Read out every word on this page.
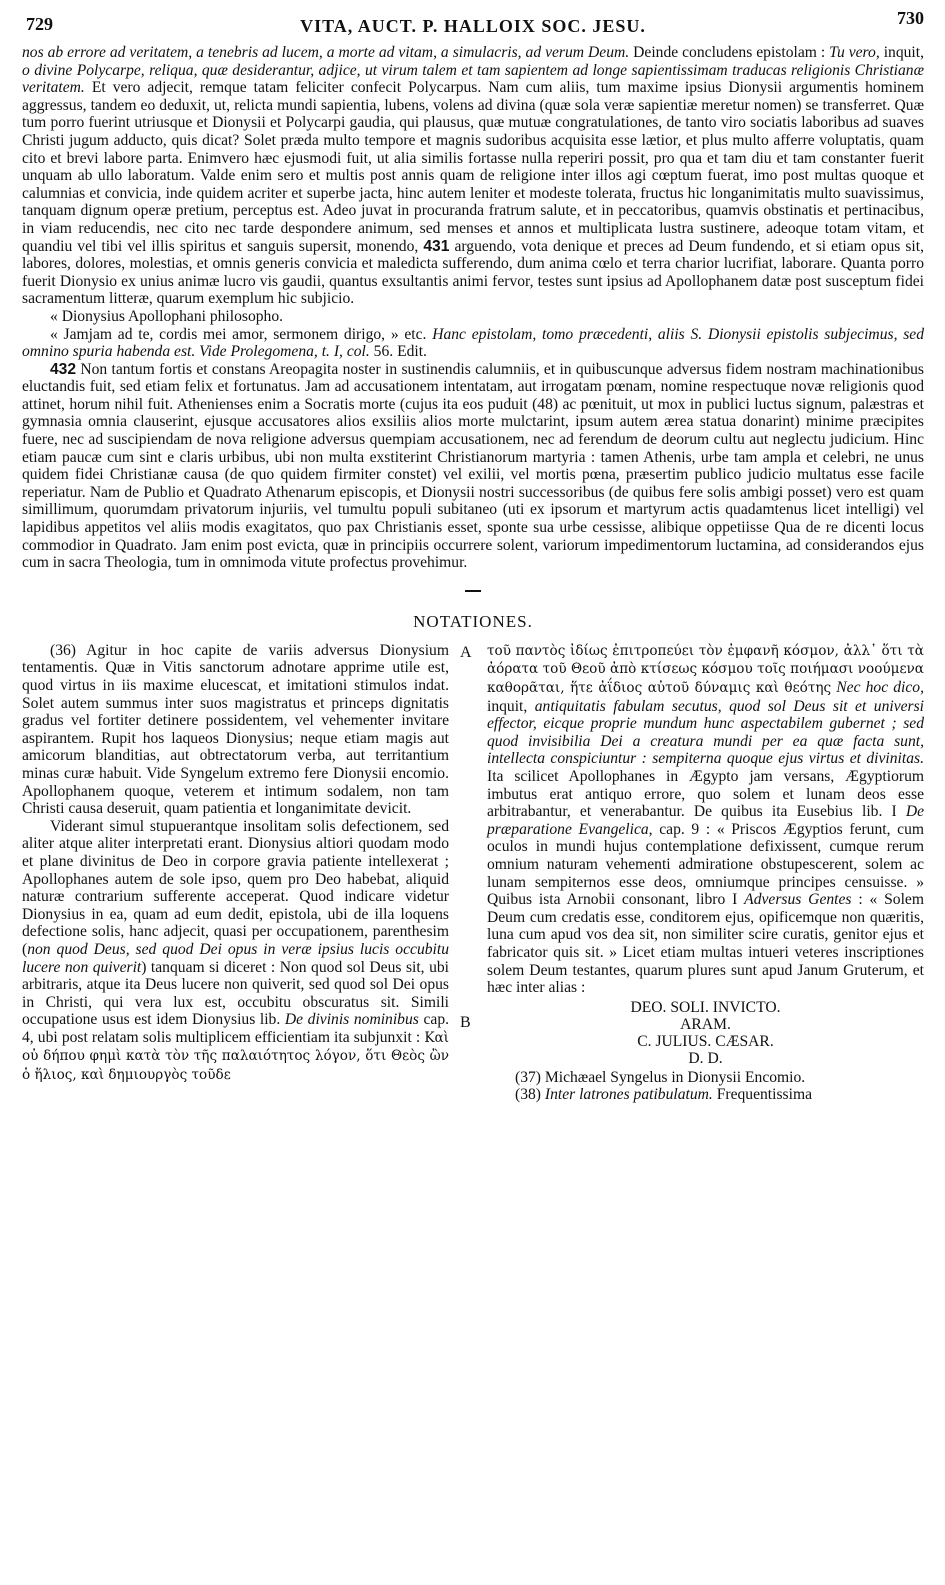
729	VITA, AUCT. P. HALLOIX SOC. JESU.	730

nos ab errore ad veritatem, a tenebris ad lucem, a morte ad vitam, a simulacris, ad verum Deum. Deinde concludens epistolam : Tu vero, inquit, o divine Polycarpe, reliqua, quæ desiderantur, adjice, ut virum talem et tam sapientem ad longe sapientissimam traducas religionis Christianæ veritatem. Et vero adjecit, remque tatam feliciter confecit Polycarpus. Nam cum aliis, tum maxime ipsius Dionysii argumentis hominem aggressus, tandem eo deduxit, ut, relicta mundi sapientia, lubens, volens ad divina (quæ sola veræ sapientiæ meretur nomen) se transferret. Quæ tum porro fuerint utriusque et Dionysii et Polycarpi gaudia, qui plausus, quæ mutuæ congratulationes, de tanto viro sociatis laboribus ad suaves Christi jugum adducto, quis dicat? Solet præda multo tempore et magnis sudoribus acquisita esse lætior, et plus multo afferre voluptatis, quam cito et brevi labore parta. Enimvero hæc ejusmodi fuit, ut alia similis fortasse nulla reperiri possit, pro qua et tam diu et tam constanter fuerit unquam ab ullo laboratum. Valde enim sero et multis post annis quam de religione inter illos agi cœptum fuerat, imo post multas quoque et calumnias et convicia, inde quidem acriter et superbe jacta, hinc autem leniter et modeste tolerata, fructus hic longanimitatis multo suavissimus, tanquam dignum operæ pretium, perceptus est. Adeo juvat in procuranda fratrum salute, et in peccatoribus, quamvis obstinatis et pertinacibus, in viam reducendis, nec cito nec tarde despondere animum, sed menses et annos et multiplicata lustra sustinere, adeoque totam vitam, et quandiu vel tibi vel illis spiritus et sanguis supersit, monendo, 431 arguendo, vota denique et preces ad Deum fundendo, et si etiam opus sit, labores, dolores, molestias, et omnis generis convicia et maledicta sufferendo, dum anima cœlo et terra charior lucrifiat, laborare. Quanta porro fuerit Dionysio ex unius animæ lucro vis gaudii, quantus exsultantis animi fervor, testes sunt ipsius ad Apollophanem datæ post susceptum fidei sacramentum litteræ, quarum exemplum hic subjicio.

« Dionysius Apollophani philosopho.

« Jamjam ad te, cordis mei amor, sermonem dirigo, » etc. Hanc epistolam, tomo præcedenti, aliis S. Dionysii epistolis subjecimus, sed omnino spuria habenda est. Vide Prolegomena, t. I, col. 56. Edit.

432 Non tantum fortis et constans Areopagita noster in sustinendis calumniis, et in quibuscunque adversus fidem nostram machinationibus eluctandis fuit, sed etiam felix et fortunatus. Jam ad accusationem intentatam, aut irrogatam pœnam, nomine respectuque novæ religionis quod attinet, horum nihil fuit. Athenienses enim a Socratis morte (cujus ita eos puduit (48) ac pœnituit, ut mox in publici luctus signum, palæstras et gymnasia omnia clauserint, ejusque accusatores alios exsiliis alios morte mulctarint, ipsum autem ærea statua donarint) minime præcipites fuere, nec ad suscipiendam de nova religione adversus quempiam accusationem, nec ad ferendum de deorum cultu aut neglectu judicium. Hinc etiam paucæ cum sint e claris urbibus, ubi non multa exstiterint Christianorum martyria : tamen Athenis, urbe tam ampla et celebri, ne unus quidem fidei Christianæ causa (de quo quidem firmiter constet) vel exilii, vel mortis pœna, præsertim publico judicio multatus esse facile reperiatur. Nam de Publio et Quadrato Athenarum episcopis, et Dionysii nostri successoribus (de quibus fere solis ambigi posset) vero est quam simillimum, quorumdam privatorum injuriis, vel tumultu populi subitaneo (uti ex ipsorum et martyrum actis quadamtenus licet intelligi) vel lapidibus appetitos vel aliis modis exagitatos, quo pax Christianis esset, sponte sua urbe cessisse, alibique oppetiisse Qua de re dicenti locus commodior in Quadrato. Jam enim post evicta, quæ in principiis occurrere solent, variorum impedimentorum luctamina, ad considerandos ejus cum in sacra Theologia, tum in omnimoda vitute profectus provehimur.

NOTATIONES.

(36) Agitur in hoc capite de variis adversus Dionysium tentamentis. Quæ in Vitis sanctorum adnotare apprime utile est, quod virtus in iis maxime elucescat, et imitationi stimulos indat. Solet autem summus inter suos magistratus et princeps dignitatis gradus vel fortiter detinere possidentem, vel vehementer invitare aspirantem. Rupit hos laqueos Dionysius; neque etiam magis aut amicorum blanditias, aut obtrectatorum verba, aut territantium minas curæ habuit. Vide Syngelum extremo fere Dionysii encomio. Apollophanem quoque, veterem et intimum sodalem, non tam Christi causa deseruit, quam patientia et longanimitate devicit.

Viderant simul stupuerantque insolitam solis defectionem, sed aliter atque aliter interpretati erant. Dionysius altiori quodam modo et plane divinitus de Deo in corpore gravia patiente intellexerat ; Apollophanes autem de sole ipso, quem pro Deo habebat, aliquid naturæ contrarium sufferente acceperat. Quod indicare videtur Dionysius in ea, quam ad eum dedit, epistola, ubi de illa loquens defectione solis, hanc adjecit, quasi per occupationem, parenthesim (non quod Deus, sed quod Dei opus in veræ ipsius lucis occubitu lucere non quiverit) tanquam si diceret : Non quod sol Deus sit, ubi arbitraris, atque ita Deus lucere non quiverit, sed quod sol Dei opus in Christi, qui vera lux est, occubitu obscuratus sit. Simili occupatione usus est idem Dionysius lib. De divinis nominibus cap. 4, ubi post relatam solis multiplicem efficientiam ita subjunxit : Καὶ οὐ δήπου φημὶ κατὰ τὸν τῆς παλαιότητος λόγον, ὅτι Θεὸς ὢν ὁ ἥλιος, καὶ δημιουργὸς τοῦδε

A
B

τοῦ παντὸς ἰδίως ἐπιτροπεύει τὸν ἐμφανῆ κόσμον, ἀλλ᾽ ὅτι τὰ ἀόρατα τοῦ Θεοῦ ἀπὸ κτίσεως κόσμου τοῖς ποιήμασι νοούμενα καθορᾶται, ἥτε ἀΐδιος αὐτοῦ δύναμις καὶ θεότης Nec hoc dico, inquit, antiquitatis fabulam secutus, quod sol Deus sit et universi effector, eicque proprie mundum hunc aspectabilem gubernet ; sed quod invisibilia Dei a creatura mundi per ea quæ facta sunt, intellecta conspiciuntur : sempiterna quoque ejus virtus et divinitas. Ita scilicet Apollophanes in Ægypto jam versans, Ægyptiorum imbutus erat antiquo errore, quo solem et lunam deos esse arbitrabantur, et venerabantur. De quibus ita Eusebius lib. I De præparatione Evangelica, cap. 9 : « Priscos Ægyptios ferunt, cum oculos in mundi hujus contemplatione defixissent, cumque rerum omnium naturam vehementi admiratione obstupescerent, solem ac lunam sempiternos esse deos, omniumque principes censuisse. » Quibus ista Arnobii consonant, libro I Adversus Gentes : « Solem Deum cum credatis esse, conditorem ejus, opificemque non quæritis, luna cum apud vos dea sit, non similiter scire curatis, genitor ejus et fabricator quis sit. » Licet etiam multas intueri veteres inscriptiones solem Deum testantes, quarum plures sunt apud Janum Gruterum, et hæc inter alias :

DEO. SOLI. INVICTO.
ARAM.
C. JULIUS. CÆSAR.
D. D.

(37) Michæael Syngelus in Dionysii Encomio.

(38) Inter latrones patibulatum. Frequentissima
